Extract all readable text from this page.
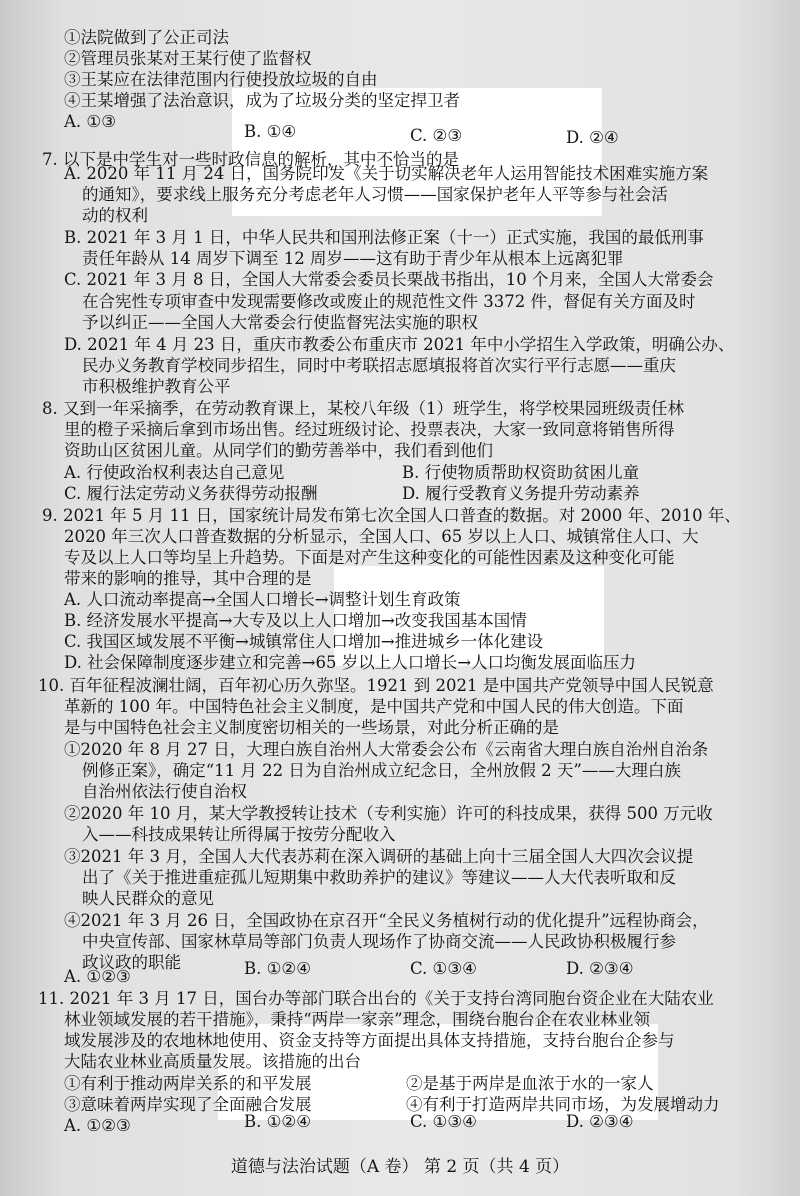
①法院做到了公正司法
②管理员张某对王某行使了监督权
③王某应在法律范围内行使投放垃圾的自由
④王某增强了法治意识，成为了垃圾分类的坚定捍卫者
A. ①③
B. ①④	C. ②③	D. ②④
7. 以下是中学生对一些时政信息的解析，其中不恰当的是
A. 2020 年 11 月 24 日，国务院印发《关于切实解决老年人运用智能技术困难实施方案
的通知》，要求线上服务充分考虑老年人习惯——国家保护老年人平等参与社会活
动的权利
B. 2021 年 3 月 1 日，中华人民共和国刑法修正案（十一）正式实施，我国的最低刑事
责任年龄从 14 周岁下调至 12 周岁——这有助于青少年从根本上远离犯罪
C. 2021 年 3 月 8 日，全国人大常委会委员长栗战书指出，10 个月来，全国人大常委会
在合宪性专项审查中发现需要修改或废止的规范性文件 3372 件，督促有关方面及时
予以纠正——全国人大常委会行使监督宪法实施的职权
D. 2021 年 4 月 23 日，重庆市教委公布重庆市 2021 年中小学招生入学政策，明确公办、
民办义务教育学校同步招生，同时中考联招志愿填报将首次实行平行志愿——重庆
市积极维护教育公平
8. 又到一年采摘季，在劳动教育课上，某校八年级（1）班学生，将学校果园班级责任林
里的橙子采摘后拿到市场出售。经过班级讨论、投票表决，大家一致同意将销售所得
资助山区贫困儿童。从同学们的勤劳善举中，我们看到他们
A. 行使政治权利表达自己意见	B. 行使物质帮助权资助贫困儿童
C. 履行法定劳动义务获得劳动报酬	D. 履行受教育义务提升劳动素养
9. 2021 年 5 月 11 日，国家统计局发布第七次全国人口普查的数据。对 2000 年、2010 年、
2020 年三次人口普查数据的分析显示，全国人口、65 岁以上人口、城镇常住人口、大
专及以上人口等均呈上升趋势。下面是对产生这种变化的可能性因素及这种变化可能
带来的影响的推导，其中合理的是
A. 人口流动率提高→全国人口增长→调整计划生育政策
B. 经济发展水平提高→大专及以上人口增加→改变我国基本国情
C. 我国区域发展不平衡→城镇常住人口增加→推进城乡一体化建设
D. 社会保障制度逐步建立和完善→65 岁以上人口增长→人口均衡发展面临压力
10. 百年征程波澜壮阔，百年初心历久弥坚。1921 到 2021 是中国共产党领导中国人民锐意
革新的 100 年。中国特色社会主义制度，是中国共产党和中国人民的伟大创造。下面
是与中国特色社会主义制度密切相关的一些场景，对此分析正确的是
①2020 年 8 月 27 日，大理白族自治州人大常委会公布《云南省大理白族自治州自治条
例修正案》，确定“11 月 22 日为自治州成立纪念日，全州放假 2 天”——大理白族
自治州依法行使自治权
②2020 年 10 月，某大学教授转让技术（专利实施）许可的科技成果，获得 500 万元收
入——科技成果转让所得属于按劳分配收入
③2021 年 3 月，全国人大代表苏莉在深入调研的基础上向十三届全国人大四次会议提
出了《关于推进重症孤儿短期集中救助养护的建议》等建议——人大代表听取和反
映人民群众的意见
④2021 年 3 月 26 日，全国政协在京召开“全民义务植树行动的优化提升”远程协商会，
中央宣传部、国家林草局等部门负责人现场作了协商交流——人民政协积极履行参
政议政的职能
A. ①②③	B. ①②④	C. ①③④	D. ②③④
11. 2021 年 3 月 17 日，国台办等部门联合出台的《关于支持台湾同胞台资企业在大陆农业
林业领域发展的若干措施》，秉持“两岸一家亲”理念，围绕台胞台企在农业林业领
域发展涉及的农地林地使用、资金支持等方面提出具体支持措施，支持台胞台企参与
大陆农业林业高质量发展。该措施的出台
①有利于推动两岸关系的和平发展	②是基于两岸是血浓于水的一家人
③意味着两岸实现了全面融合发展	④有利于打造两岸共同市场，为发展增动力
A. ①②③	B. ①②④	C. ①③④	D. ②③④
道德与法治试题（A 卷） 第 2 页（共 4 页）
